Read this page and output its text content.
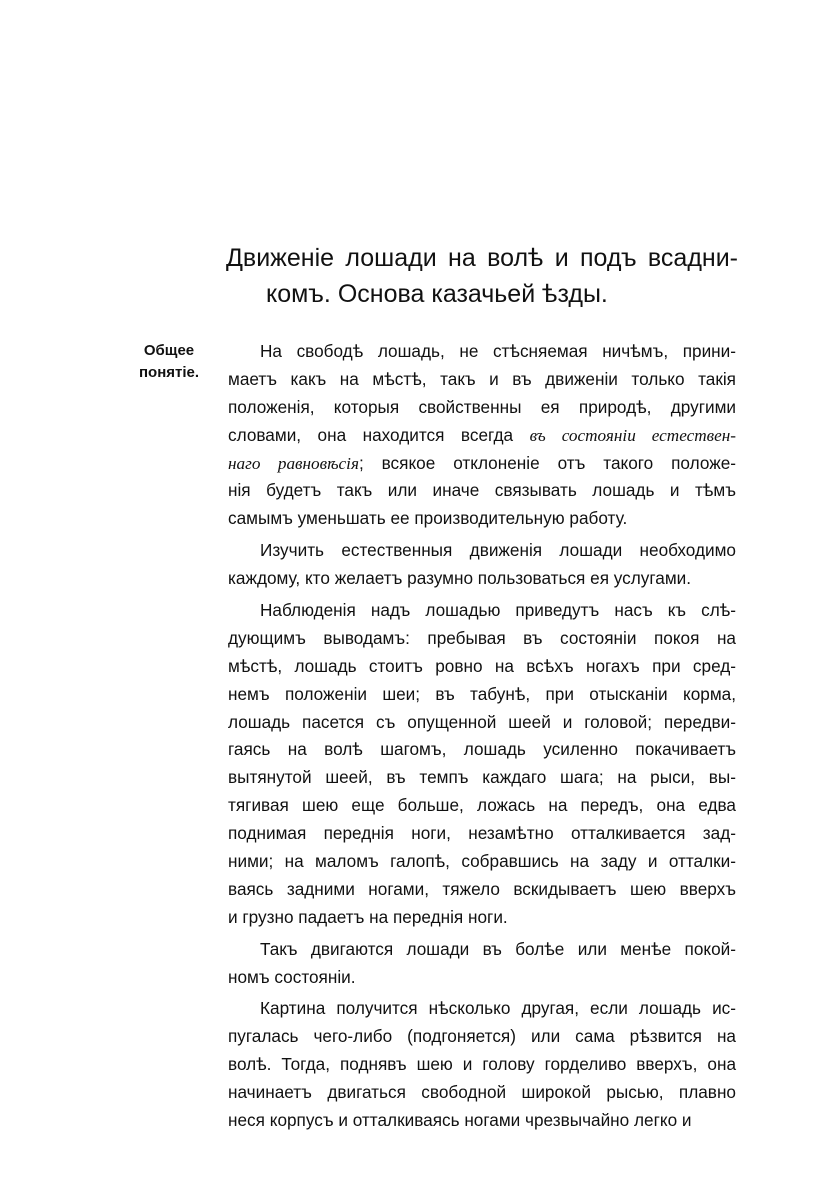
Движеніе лошади на волѣ и подъ всадни-
комъ. Основа казачьей ѣзды.
Общее
понятіе.
На свободѣ лошадь, не стѣсняемая ничѣмъ, прини-
маетъ какъ на мѣстѣ, такъ и въ движеніи только такія
положенія, которыя свойственны ея природѣ, другими
словами, она находится всегда въ состояніи естествен-
наго равновѣсія; всякое отклоненіе отъ такого положе-
нія будетъ такъ или иначе связывать лошадь и тѣмъ
самымъ уменьшать ее производительную работу.
Изучить естественныя движенія лошади необходимо
каждому, кто желаетъ разумно пользоваться ея услугами.
Наблюденія надъ лошадью приведутъ насъ къ слѣ-
дующимъ выводамъ: пребывая въ состояніи покоя на
мѣстѣ, лошадь стоитъ ровно на всѣхъ ногахъ при сред-
немъ положеніи шеи; въ табунѣ, при отысканіи корма,
лошадь пасется съ опущенной шеей и головой; передви-
гаясь на волѣ шагомъ, лошадь усиленно покачиваетъ
вытянутой шеей, въ темпъ каждаго шага; на рыси, вы-
тягивая шею еще больше, ложась на передъ, она едва
поднимая переднія ноги, незамѣтно отталкивается зад-
ними; на маломъ галопѣ, собравшись на заду и отталки-
ваясь задними ногами, тяжело вскидываетъ шею вверхъ
и грузно падаетъ на переднія ноги.
Такъ двигаются лошади въ болѣе или менѣе покой-
номъ состояніи.
Картина получится нѣсколько другая, если лошадь ис-
пугалась чего-либо (подгоняется) или сама рѣзвится на
волѣ. Тогда, поднявъ шею и голову горделиво вверхъ, она
начинаетъ двигаться свободной широкой рысью, плавно
неся корпусъ и отталкиваясь ногами чрезвычайно легко и
